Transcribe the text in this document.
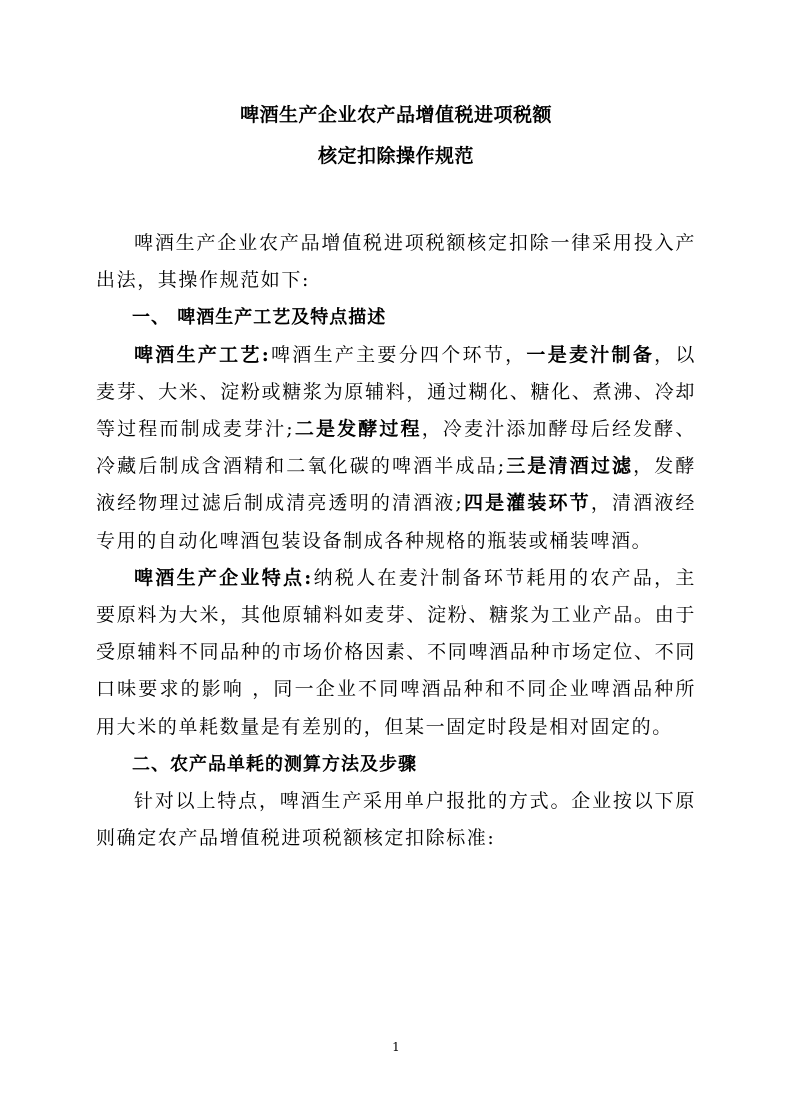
啤酒生产企业农产品增值税进项税额
核定扣除操作规范

啤酒生产企业农产品增值税进项税额核定扣除一律采用投入产出法，其操作规范如下:

一、 啤酒生产工艺及特点描述

啤酒生产工艺:啤酒生产主要分四个环节，一是麦汁制备，以麦芽、大米、淀粉或糖浆为原辅料，通过糊化、糖化、煮沸、冷却等过程而制成麦芽汁;二是发酵过程，冷麦汁添加酵母后经发酵、冷藏后制成含酒精和二氧化碳的啤酒半成品;三是清酒过滤，发酵液经物理过滤后制成清亮透明的清酒液;四是灌装环节，清酒液经专用的自动化啤酒包装设备制成各种规格的瓶装或桶装啤酒。

啤酒生产企业特点:纳税人在麦汁制备环节耗用的农产品，主要原料为大米，其他原辅料如麦芽、淀粉、糖浆为工业产品。由于受原辅料不同品种的市场价格因素、不同啤酒品种市场定位、不同口味要求的影响 ，同一企业不同啤酒品种和不同企业啤酒品种所用大米的单耗数量是有差别的，但某一固定时段是相对固定的。

二、农产品单耗的测算方法及步骤

针对以上特点，啤酒生产采用单户报批的方式。企业按以下原则确定农产品增值税进项税额核定扣除标准:

1
